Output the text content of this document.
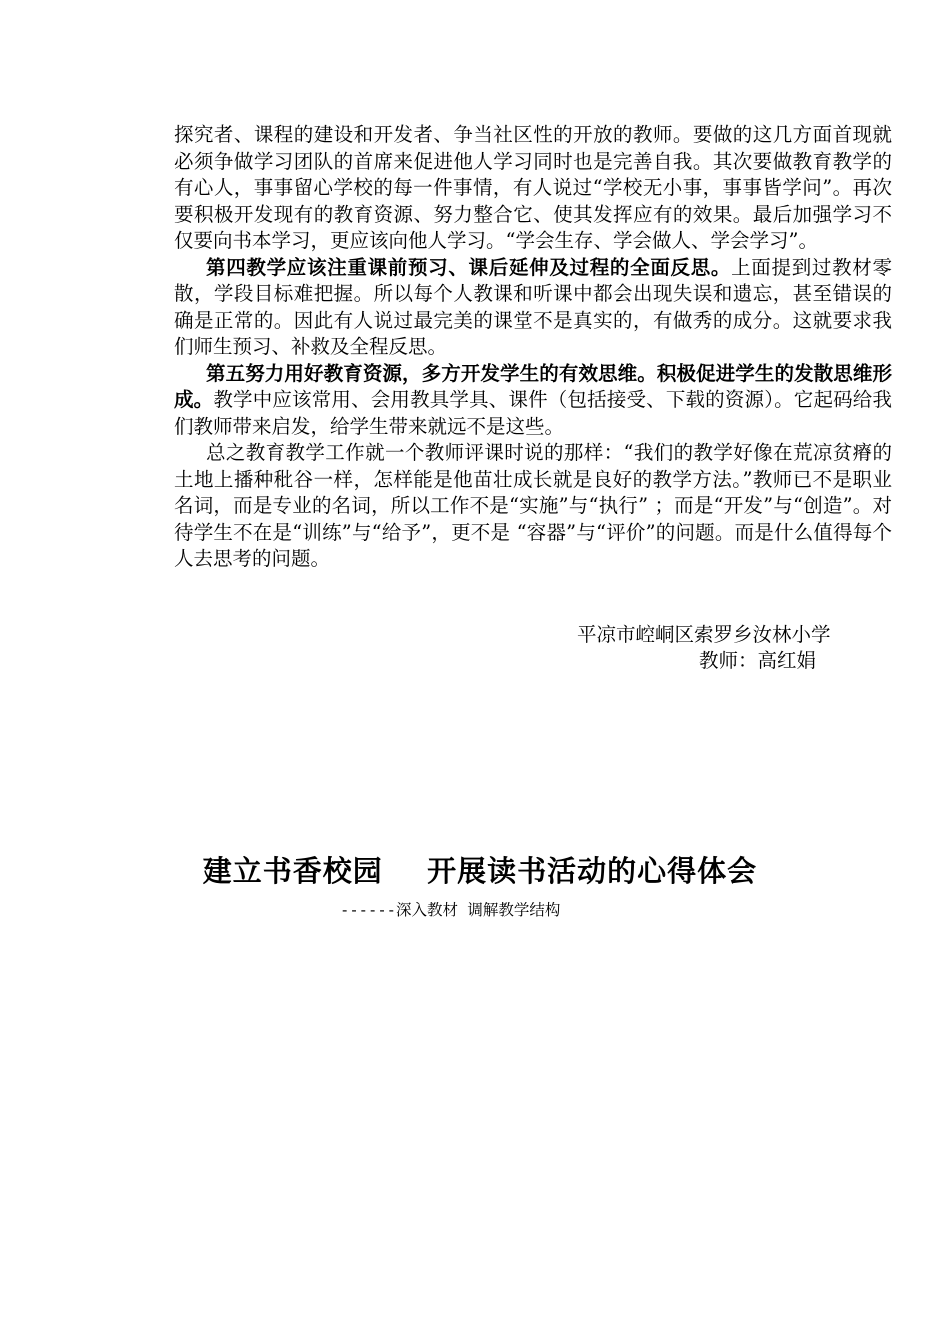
探究者、课程的建设和开发者、争当社区性的开放的教师。要做的这几方面首现就必须争做学习团队的首席来促进他人学习同时也是完善自我。其次要做教育教学的有心人，事事留心学校的每一件事情，有人说过“学校无小事，事事皆学问”。再次要积极开发现有的教育资源、努力整合它、使其发挥应有的效果。最后加强学习不仅要向书本学习，更应该向他人学习。“学会生存、学会做人、学会学习”。

第四教学应该注重课前预习、课后延伸及过程的全面反思。上面提到过教材零散，学段目标难把握。所以每个人教课和听课中都会出现失误和遗忘，甚至错误的确是正常的。因此有人说过最完美的课堂不是真实的，有做秀的成分。这就要求我们师生预习、补救及全程反思。

第五努力用好教育资源，多方开发学生的有效思维。积极促进学生的发散思维形成。教学中应该常用、会用教具学具、课件（包括接受、下载的资源）。它起码给我们教师带来启发，给学生带来就远不是这些。

总之教育教学工作就一个教师评课时说的那样：“我们的教学好像在荒凉贫瘠的土地上播种秕谷一样，怎样能是他苗壮成长就是良好的教学方法。”教师已不是职业名词，而是专业的名词，所以工作不是“实施”与“执行” ；而是“开发”与“创造”。对待学生不在是“训练”与“给予”，更不是 “容器”与“评价”的问题。而是什么值得每个人去思考的问题。

平凉市崆峒区索罗乡汝林小学
教师：高红娟
建立书香校园    开展读书活动的心得体会
------深入教材 调解教学结构
